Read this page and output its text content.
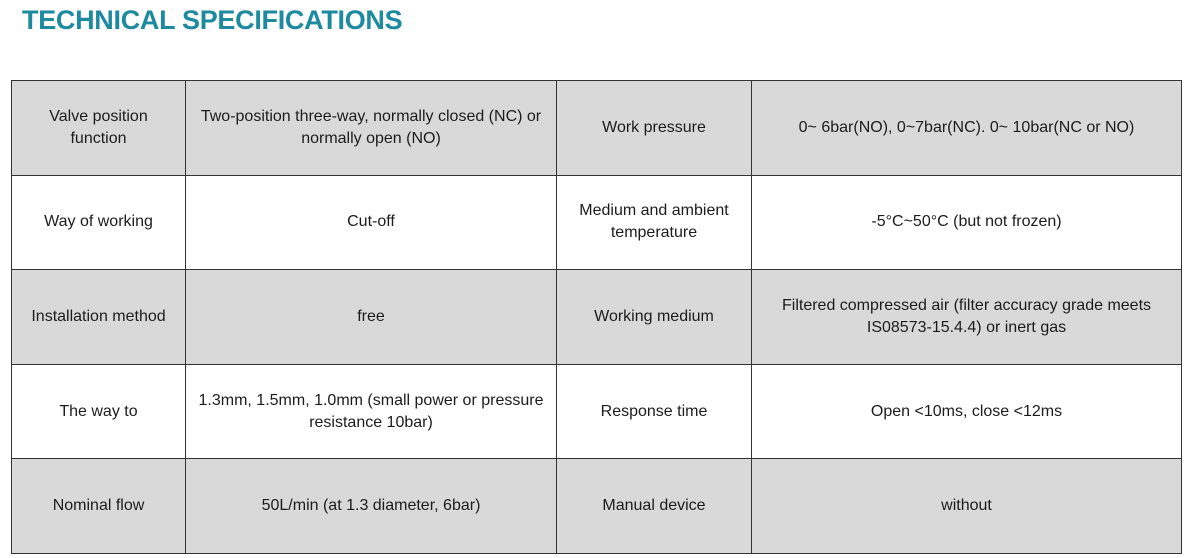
TECHNICAL SPECIFICATIONS
Valve position function	Two-position three-way, normally closed (NC) or normally open (NO)	Work pressure	0~ 6bar(NO), 0~7bar(NC). 0~ 10bar(NC or NO)
Way of working	Cut-off	Medium and ambient temperature	-5°C~50°C (but not frozen)
Installation method	free	Working medium	Filtered compressed air (filter accuracy grade meets IS08573-15.4.4) or inert gas
The way to	1.3mm, 1.5mm, 1.0mm (small power or pressure resistance 10bar)	Response time	Open <10ms, close <12ms
Nominal flow	50L/min (at 1.3 diameter, 6bar)	Manual device	without
